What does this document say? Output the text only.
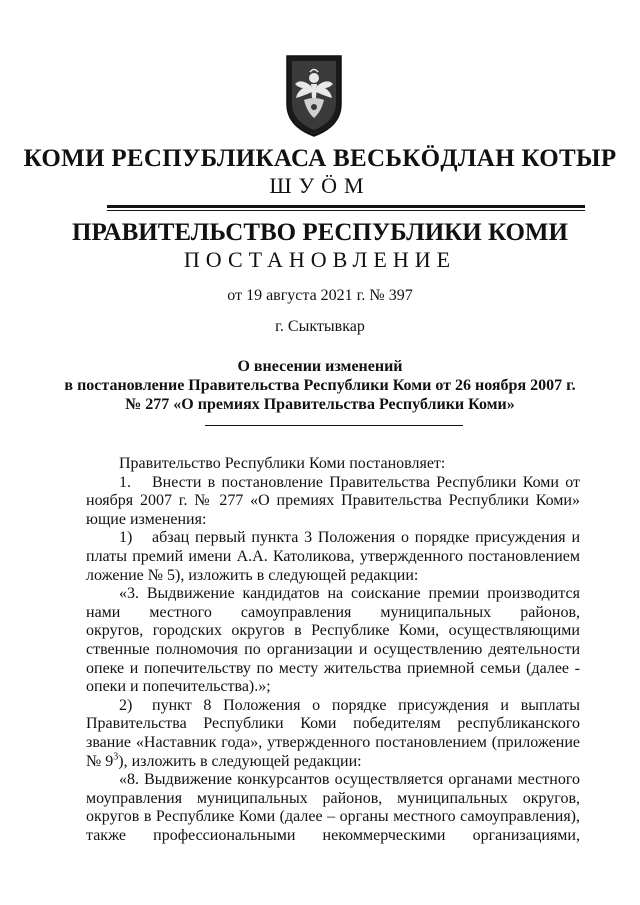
КОМИ РЕСПУБЛИКАСА ВЕСЬКӦДЛАН КОТЫР
ШУӦМ
ПРАВИТЕЛЬСТВО РЕСПУБЛИКИ КОМИ
ПОСТАНОВЛЕНИЕ
от 19 августа 2021 г. № 397
г. Сыктывкар
О внесении изменений
в постановление Правительства Республики Коми от 26 ноября 2007 г.
№ 277 «О премиях Правительства Республики Коми»
Правительство Республики Коми постановляет:
1. Внести в постановление Правительства Республики Коми от
ноября 2007 г. № 277 «О премиях Правительства Республики Коми»
ющие изменения:
1) абзац первый пункта 3 Положения о порядке присуждения и
платы премий имени А.А. Католикова, утвержденного постановлением
ложение № 5), изложить в следующей редакции:
«3. Выдвижение кандидатов на соискание премии производится
нами местного самоуправления муниципальных районов,
округов, городских округов в Республике Коми, осуществляющими
ственные полномочия по организации и осуществлению деятельности
опеке и попечительству по месту жительства приемной семьи (далее -
опеки и попечительства).»;
2) пункт 8 Положения о порядке присуждения и выплаты
Правительства Республики Коми победителям республиканского
звание «Наставник года», утвержденного постановлением (приложение
№ $9^3$), изложить в следующей редакции:
«8. Выдвижение конкурсантов осуществляется органами местного
моуправления муниципальных районов, муниципальных округов,
округов в Республике Коми (далее – органы местного самоуправления),
также профессиональными некоммерческими организациями,
